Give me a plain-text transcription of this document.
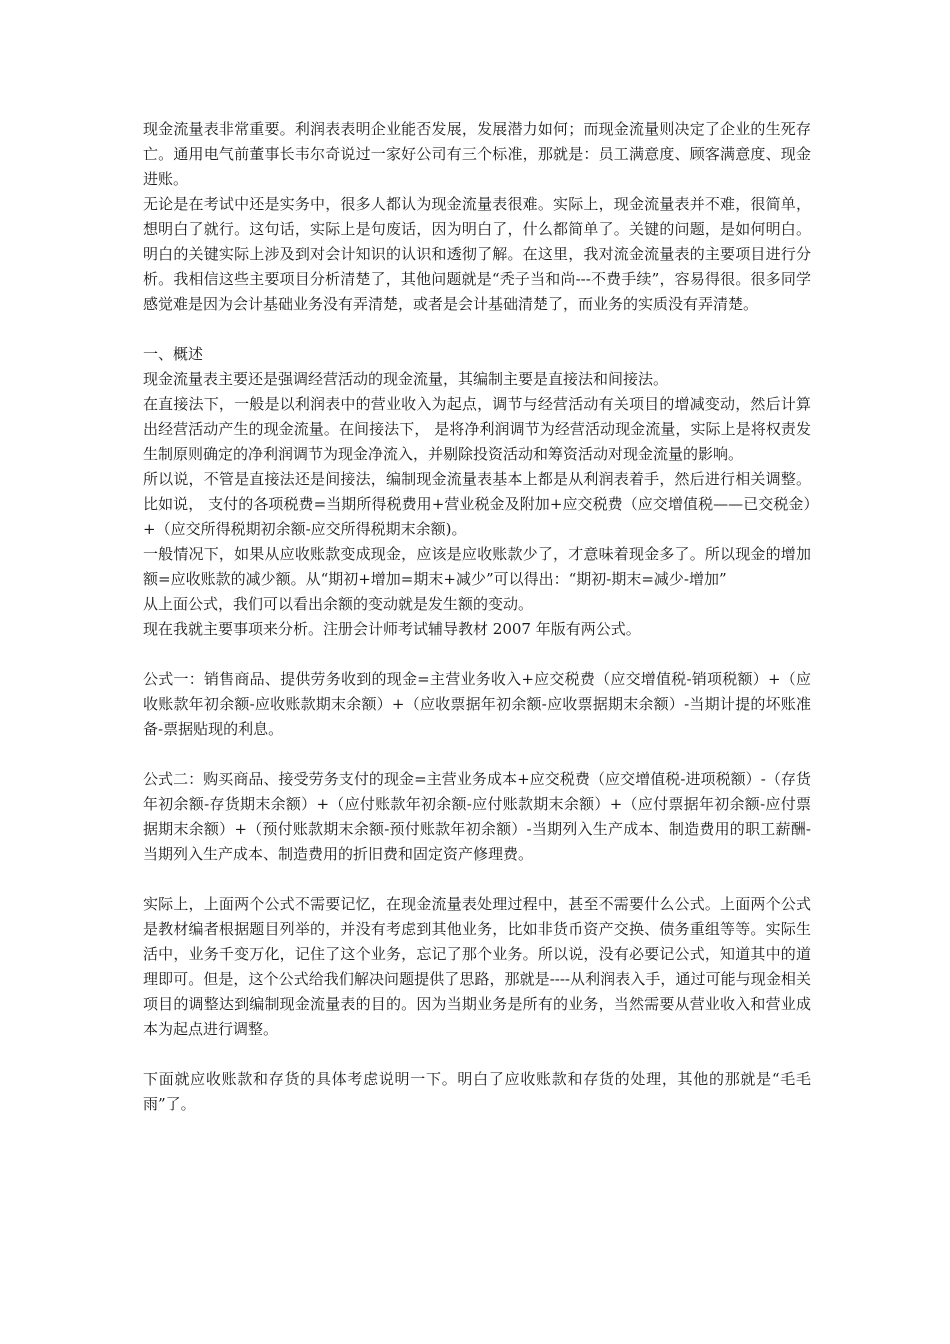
现金流量表非常重要。利润表表明企业能否发展，发展潜力如何；而现金流量则决定了企业的生死存亡。通用电气前董事长韦尔奇说过一家好公司有三个标准，那就是：员工满意度、顾客满意度、现金进账。

无论是在考试中还是实务中，很多人都认为现金流量表很难。实际上，现金流量表并不难，很简单，想明白了就行。这句话，实际上是句废话，因为明白了，什么都简单了。关键的问题，是如何明白。明白的关键实际上涉及到对会计知识的认识和透彻了解。在这里，我对流金流量表的主要项目进行分析。我相信这些主要项目分析清楚了，其他问题就是“秃子当和尚---不费手续”，容易得很。很多同学感觉难是因为会计基础业务没有弄清楚，或者是会计基础清楚了，而业务的实质没有弄清楚。

一、概述

现金流量表主要还是强调经营活动的现金流量，其编制主要是直接法和间接法。

在直接法下，一般是以利润表中的营业收入为起点，调节与经营活动有关项目的增减变动，然后计算出经营活动产生的现金流量。在间接法下， 是将净利润调节为经营活动现金流量，实际上是将权责发生制原则确定的净利润调节为现金净流入，并剔除投资活动和筹资活动对现金流量的影响。

所以说，不管是直接法还是间接法，编制现金流量表基本上都是从利润表着手，然后进行相关调整。比如说， 支付的各项税费=当期所得税费用+营业税金及附加+应交税费（应交增值税——已交税金）+（应交所得税期初余额-应交所得税期末余额)。

一般情况下，如果从应收账款变成现金，应该是应收账款少了，才意味着现金多了。所以现金的增加额=应收账款的减少额。从“期初+增加=期末+减少”可以得出：“期初-期末=减少-增加”

从上面公式，我们可以看出余额的变动就是发生额的变动。

现在我就主要事项来分析。注册会计师考试辅导教材 2007 年版有两公式。

公式一：销售商品、提供劳务收到的现金=主营业务收入+应交税费（应交增值税-销项税额）+（应收账款年初余额-应收账款期末余额）+（应收票据年初余额-应收票据期末余额）-当期计提的坏账准备-票据贴现的利息。

公式二：购买商品、接受劳务支付的现金=主营业务成本+应交税费（应交增值税-进项税额）-（存货年初余额-存货期末余额）+（应付账款年初余额-应付账款期末余额）+（应付票据年初余额-应付票据期末余额）+（预付账款期末余额-预付账款年初余额）-当期列入生产成本、制造费用的职工薪酬-当期列入生产成本、制造费用的折旧费和固定资产修理费。

实际上，上面两个公式不需要记忆，在现金流量表处理过程中，甚至不需要什么公式。上面两个公式是教材编者根据题目列举的，并没有考虑到其他业务，比如非货币资产交换、债务重组等等。实际生活中，业务千变万化，记住了这个业务，忘记了那个业务。所以说，没有必要记公式，知道其中的道理即可。但是，这个公式给我们解决问题提供了思路，那就是----从利润表入手，通过可能与现金相关项目的调整达到编制现金流量表的目的。因为当期业务是所有的业务，当然需要从营业收入和营业成本为起点进行调整。

下面就应收账款和存货的具体考虑说明一下。明白了应收账款和存货的处理，其他的那就是“毛毛雨”了。
